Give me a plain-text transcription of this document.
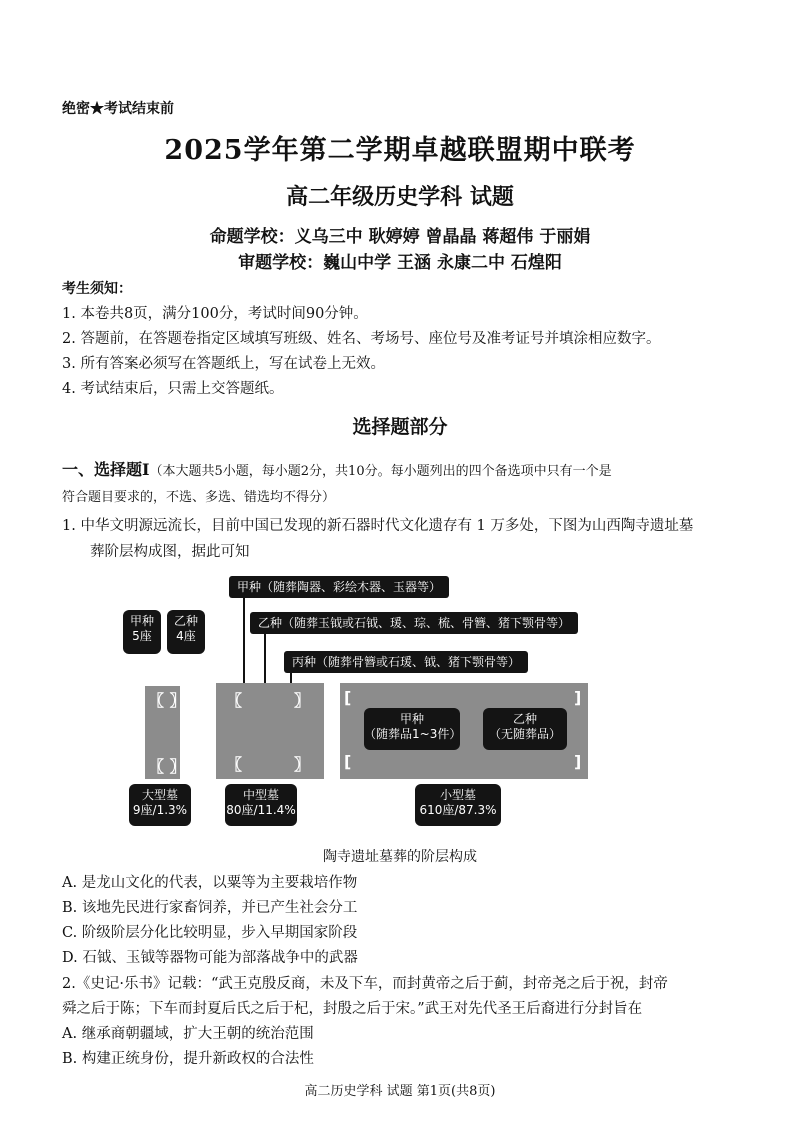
绝密★考试结束前
2025学年第二学期卓越联盟期中联考
高二年级历史学科 试题
命题学校：义乌三中 耿婷婷 曾晶晶 蒋超伟 于丽娟
审题学校：巍山中学 王涵 永康二中 石煌阳
考生须知：
1. 本卷共8页，满分100分，考试时间90分钟。
2. 答题前，在答题卷指定区域填写班级、姓名、考场号、座位号及准考证号并填涂相应数字。
3. 所有答案必须写在答题纸上，写在试卷上无效。
4. 考试结束后，只需上交答题纸。
选择题部分
一、选择题Ⅰ（本大题共5小题，每小题2分，共10分。每小题列出的四个备选项中只有一个是
符合题目要求的，不选、多选、错选均不得分）
1. 中华文明源远流长，目前中国已发现的新石器时代文化遗存有 1 万多处，下图为山西陶寺遗址墓
葬阶层构成图，据此可知
甲种（随葬陶器、彩绘木器、玉器等）
乙种（随葬玉钺或石钺、瑗、琮、梳、骨簪、猪下颚骨等）
丙种（随葬骨簪或石瑗、钺、猪下颚骨等）
甲种
5座
乙种
4座
〖 〗
〖 〗
〖	〗
〖	〗
[	]
[	]
甲种
（随葬品1~3件）
乙种
（无随葬品）
大型墓
9座/1.3%
中型墓
80座/11.4%
小型墓
610座/87.3%
陶寺遗址墓葬的阶层构成
A. 是龙山文化的代表，以粟等为主要栽培作物
B. 该地先民进行家畜饲养，并已产生社会分工
C. 阶级阶层分化比较明显，步入早期国家阶段
D. 石钺、玉钺等器物可能为部落战争中的武器
2.《史记·乐书》记载：“武王克殷反商，未及下车，而封黄帝之后于蓟，封帝尧之后于祝，封帝
舜之后于陈；下车而封夏后氏之后于杞，封殷之后于宋。”武王对先代圣王后裔进行分封旨在
A. 继承商朝疆域，扩大王朝的统治范围
B. 构建正统身份，提升新政权的合法性
高二历史学科 试题 第1页(共8页)
